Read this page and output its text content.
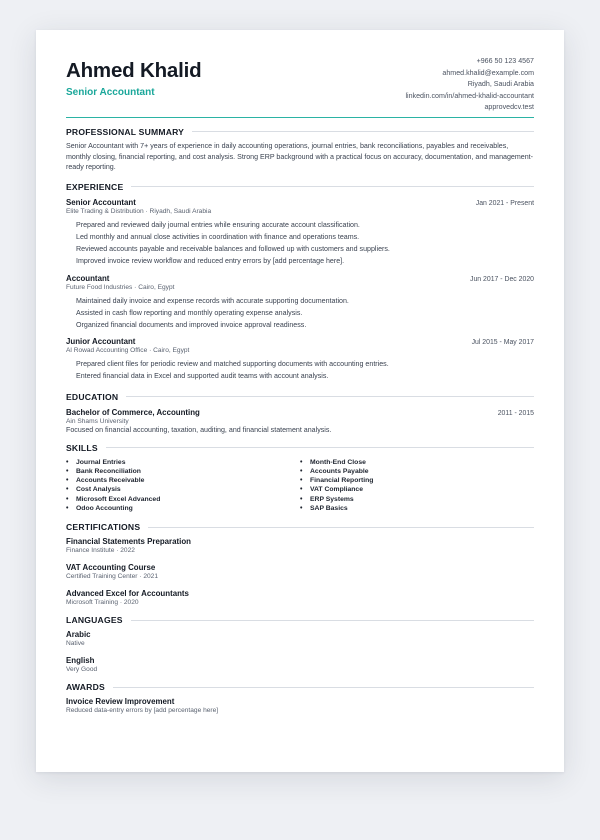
Ahmed Khalid
Senior Accountant
+966 50 123 4567
ahmed.khalid@example.com
Riyadh, Saudi Arabia
linkedin.com/in/ahmed-khalid-accountant
approvedcv.test
PROFESSIONAL SUMMARY
Senior Accountant with 7+ years of experience in daily accounting operations, journal entries, bank reconciliations, payables and receivables, monthly closing, financial reporting, and cost analysis. Strong ERP background with a practical focus on accuracy, documentation, and management-ready reporting.
EXPERIENCE
Senior Accountant	Jan 2021 - Present
Elite Trading & Distribution · Riyadh, Saudi Arabia
Prepared and reviewed daily journal entries while ensuring accurate account classification.
Led monthly and annual close activities in coordination with finance and operations teams.
Reviewed accounts payable and receivable balances and followed up with customers and suppliers.
Improved invoice review workflow and reduced entry errors by [add percentage here].
Accountant	Jun 2017 - Dec 2020
Future Food Industries · Cairo, Egypt
Maintained daily invoice and expense records with accurate supporting documentation.
Assisted in cash flow reporting and monthly operating expense analysis.
Organized financial documents and improved invoice approval readiness.
Junior Accountant	Jul 2015 - May 2017
Al Rowad Accounting Office · Cairo, Egypt
Prepared client files for periodic review and matched supporting documents with accounting entries.
Entered financial data in Excel and supported audit teams with account analysis.
EDUCATION
Bachelor of Commerce, Accounting	2011 - 2015
Ain Shams University
Focused on financial accounting, taxation, auditing, and financial statement analysis.
SKILLS
• Journal Entries
• Bank Reconciliation
• Accounts Receivable
• Cost Analysis
• Microsoft Excel Advanced
• Odoo Accounting
• Month-End Close
• Accounts Payable
• Financial Reporting
• VAT Compliance
• ERP Systems
• SAP Basics
CERTIFICATIONS
Financial Statements Preparation
Finance Institute · 2022
VAT Accounting Course
Certified Training Center · 2021
Advanced Excel for Accountants
Microsoft Training · 2020
LANGUAGES
Arabic
Native
English
Very Good
AWARDS
Invoice Review Improvement
Reduced data-entry errors by [add percentage here]
